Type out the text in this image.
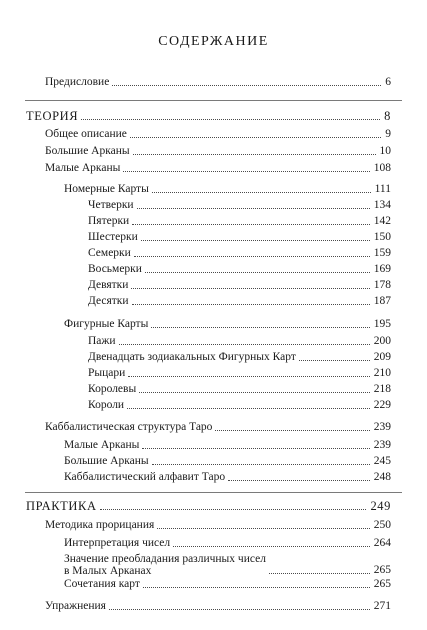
СОДЕРЖАНИЕ
Предисловие	6
ТЕОРИЯ	8
Общее описание	9
Большие Арканы	10
Малые Арканы	108
Номерные Карты	111
Четверки	134
Пятерки	142
Шестерки	150
Семерки	159
Восьмерки	169
Девятки	178
Десятки	187
Фигурные Карты	195
Пажи	200
Двенадцать зодиакальных Фигурных Карт	209
Рыцари	210
Королевы	218
Короли	229
Каббалистическая структура Таро	239
Малые Арканы	239
Большие Арканы	245
Каббалистический алфавит Таро	248
ПРАКТИКА	249
Методика прорицания	250
Интерпретация чисел	264
Значение преобладания различных чисел
в Малых Арканах	265
Сочетания карт	265
Упражнения	271
